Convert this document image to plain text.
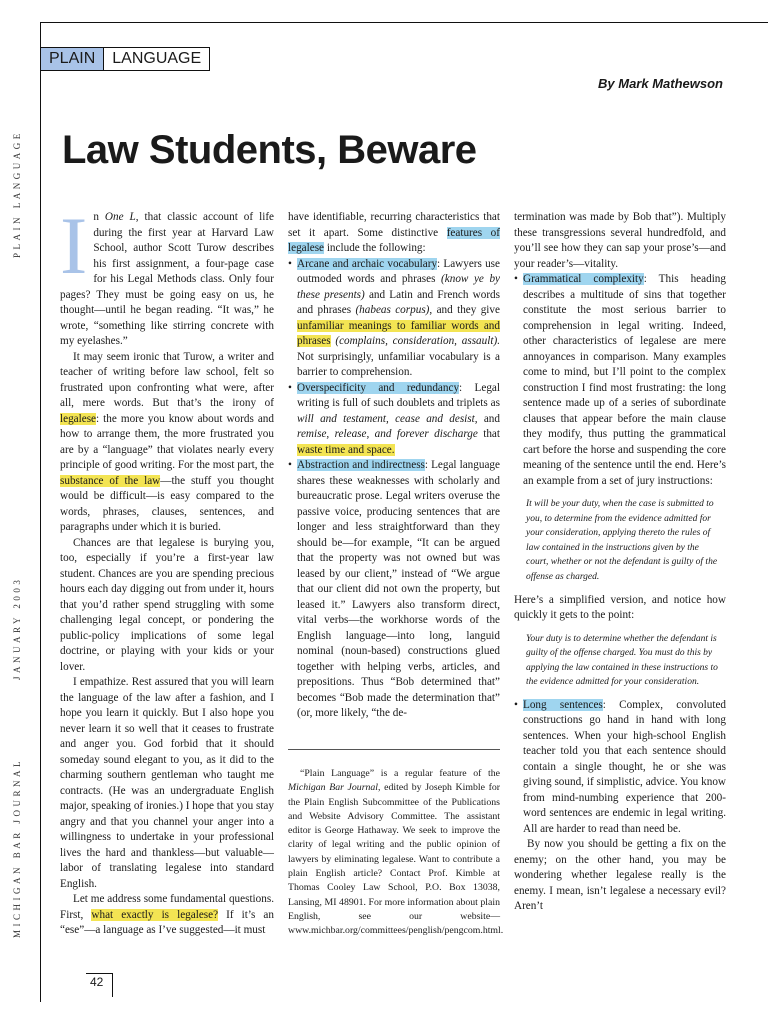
PLAIN	LANGUAGE
By Mark Mathewson
Law Students, Beware
PLAIN LANGUAGE
JANUARY 2003
MICHIGAN BAR JOURNAL

In One L, that classic account of life during the first year at Harvard Law School, author Scott Turow describes his first assignment, a four-page case for his Legal Methods class. Only four pages? They must be going easy on us, he thought—until he began reading. “It was,” he wrote, “something like stirring concrete with my eyelashes.”

It may seem ironic that Turow, a writer and teacher of writing before law school, felt so frustrated upon confronting what were, after all, mere words. But that’s the irony of legalese: the more you know about words and how to arrange them, the more frustrated you are by a “language” that violates nearly every principle of good writing. For the most part, the substance of the law—the stuff you thought would be difficult—is easy compared to the words, phrases, clauses, sentences, and paragraphs under which it is buried.

Chances are that legalese is burying you, too, especially if you’re a first-year law student. Chances are you are spending precious hours each day digging out from under it, hours that you’d rather spend struggling with some challenging legal concept, or pondering the public-policy implications of some legal doctrine, or playing with your kids or your lover.

I empathize. Rest assured that you will learn the language of the law after a fashion, and I hope you learn it quickly. But I also hope you never learn it so well that it ceases to frustrate and anger you. God forbid that it should someday sound elegant to you, as it did to the charming southern gentleman who taught me contracts. (He was an undergraduate English major, speaking of ironies.) I hope that you stay angry and that you channel your anger into a willingness to undertake in your professional lives the hard and thankless—but valuable—labor of translating legalese into standard English.

Let me address some fundamental questions. First, what exactly is legalese? If it’s an “ese”—a language as I’ve suggested—it must

have identifiable, recurring characteristics that set it apart. Some distinctive features of legalese include the following:

• Arcane and archaic vocabulary: Lawyers use outmoded words and phrases (know ye by these presents) and Latin and French words and phrases (habeas corpus), and they give unfamiliar meanings to familiar words and phrases (complains, consideration, assault). Not surprisingly, unfamiliar vocabulary is a barrier to comprehension.
• Overspecificity and redundancy: Legal writing is full of such doublets and triplets as will and testament, cease and desist, and remise, release, and forever discharge that waste time and space.
• Abstraction and indirectness: Legal language shares these weaknesses with scholarly and bureaucratic prose. Legal writers overuse the passive voice, producing sentences that are longer and less straightforward than they should be—for example, “It can be argued that the property was not owned but was leased by our client,” instead of “We argue that our client did not own the property, but leased it.” Lawyers also transform direct, vital verbs—the workhorse words of the English language—into long, languid nominal (noun-based) constructions glued together with helping verbs, articles, and prepositions. Thus “Bob determined that” becomes “Bob made the determination that” (or, more likely, “the de-
“Plain Language” is a regular feature of the Michigan Bar Journal, edited by Joseph Kimble for the Plain English Subcommittee of the Publications and Website Advisory Committee. The assistant editor is George Hathaway. We seek to improve the clarity of legal writing and the public opinion of lawyers by eliminating legalese. Want to contribute a plain English article? Contact Prof. Kimble at Thomas Cooley Law School, P.O. Box 13038, Lansing, MI 48901. For more information about plain English, see our website—www.michbar.org/committees/penglish/pengcom.html.

termination was made by Bob that”). Multiply these transgressions several hundredfold, and you’ll see how they can sap your prose’s—and your reader’s—vitality.

• Grammatical complexity: This heading describes a multitude of sins that together constitute the most serious barrier to comprehension in legal writing. Indeed, other characteristics of legalese are mere annoyances in comparison. Many examples come to mind, but I’ll point to the complex construction I find most frustrating: the long sentence made up of a series of subordinate clauses that appear before the main clause they modify, thus putting the grammatical cart before the horse and suspending the core meaning of the sentence until the end. Here’s an example from a set of jury instructions:
It will be your duty, when the case is submitted to you, to determine from the evidence admitted for your consideration, applying thereto the rules of law contained in the instructions given by the court, whether or not the defendant is guilty of the offense as charged.

Here’s a simplified version, and notice how quickly it gets to the point:

Your duty is to determine whether the defendant is guilty of the offense charged. You must do this by applying the law contained in these instructions to the evidence admitted for your consideration.
• Long sentences: Complex, convoluted constructions go hand in hand with long sentences. When your high-school English teacher told you that each sentence should contain a single thought, he or she was giving sound, if simplistic, advice. You know from mind-numbing experience that 200-word sentences are endemic in legal writing. All are harder to read than need be.

By now you should be getting a fix on the enemy; on the other hand, you may be wondering whether legalese really is the enemy. I mean, isn’t legalese a necessary evil? Aren’t

42
